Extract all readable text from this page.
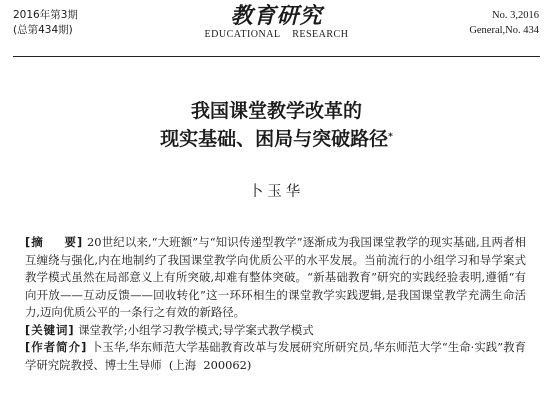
2016年第3期
(总第434期)
教育研究
EDUCATIONAL    RESEARCH
No. 3,2016
General,No. 434
我国课堂教学改革的
现实基础、困局与突破路径*
卜玉华

[摘    要] 20世纪以来,“大班额”与“知识传递型教学”逐渐成为我国课堂教学的现实基础,且两者相互缠绕与强化,内在地制约了我国课堂教学向优质公平的水平发展。当前流行的小组学习和导学案式教学模式虽然在局部意义上有所突破,却难有整体突破。“新基础教育”研究的实践经验表明,遵循“有向开放——互动反馈——回收转化”这一环环相生的课堂教学实践逻辑,是我国课堂教学充满生命活力,迈向优质公平的一条行之有效的新路径。

[关键词] 课堂教学;小组学习教学模式;导学案式教学模式

[作者简介] 卜玉华,华东师范大学基础教育改革与发展研究所研究员,华东师范大学“生命·实践”教育学研究院教授、博士生导师  (上海  200062)
